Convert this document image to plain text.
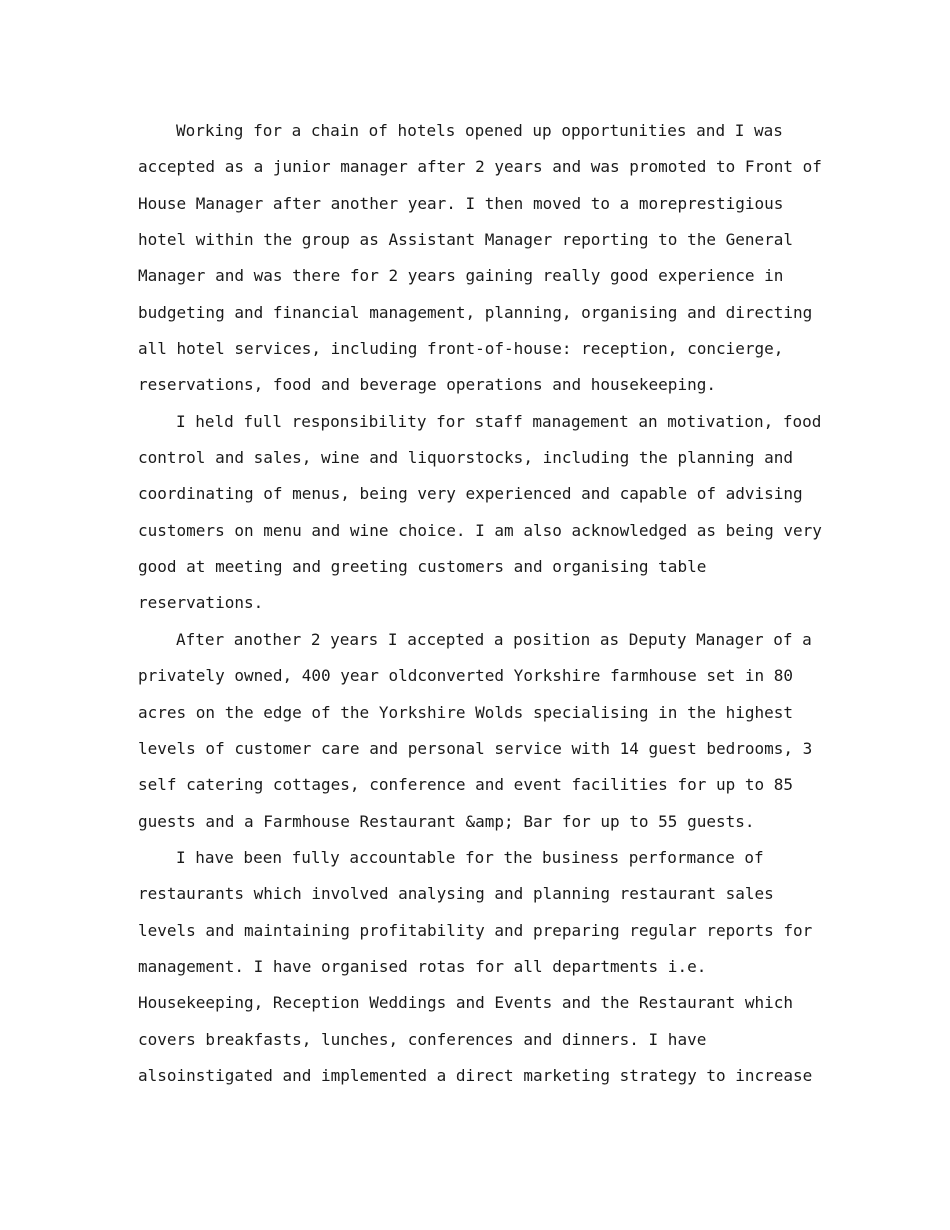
Working for a chain of hotels opened up opportunities and I was
accepted as a junior manager after 2 years and was promoted to Front of
House Manager after another year. I then moved to a moreprestigious
hotel within the group as Assistant Manager reporting to the General
Manager and was there for 2 years gaining really good experience in
budgeting and financial management, planning, organising and directing
all hotel services, including front-of-house: reception, concierge,
reservations, food and beverage operations and housekeeping.
I held full responsibility for staff management an motivation, food
control and sales, wine and liquorstocks, including the planning and
coordinating of menus, being very experienced and capable of advising
customers on menu and wine choice. I am also acknowledged as being very
good at meeting and greeting customers and organising table
reservations.
After another 2 years I accepted a position as Deputy Manager of a
privately owned, 400 year oldconverted Yorkshire farmhouse set in 80
acres on the edge of the Yorkshire Wolds specialising in the highest
levels of customer care and personal service with 14 guest bedrooms, 3
self catering cottages, conference and event facilities for up to 85
guests and a Farmhouse Restaurant &amp; Bar for up to 55 guests.
I have been fully accountable for the business performance of
restaurants which involved analysing and planning restaurant sales
levels and maintaining profitability and preparing regular reports for
management. I have organised rotas for all departments i.e.
Housekeeping, Reception Weddings and Events and the Restaurant which
covers breakfasts, lunches, conferences and dinners. I have
alsoinstigated and implemented a direct marketing strategy to increase
